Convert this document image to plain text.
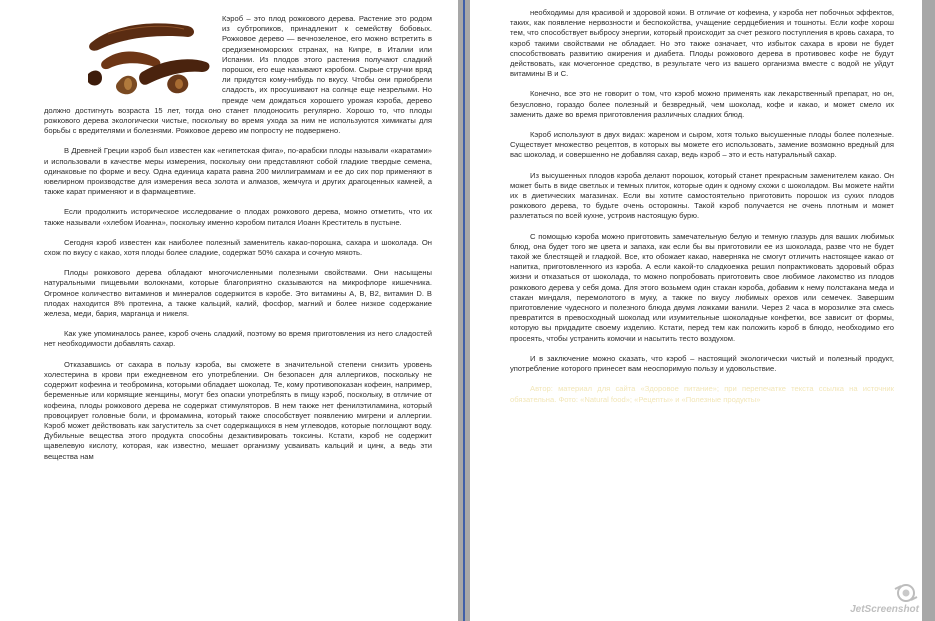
Кэроб – это плод рожкового дерева. Растение это родом из субтропиков, принадлежит к семейству бобовых. Рожковое дерево — вечнозеленое, его можно встретить в средиземноморских странах, на Кипре, в Италии или Испании. Из плодов этого растения получают сладкий порошок, его еще называют кэробом. Сырые стручки вряд ли придутся кому-нибудь по вкусу. Чтобы они приобрели сладость, их просушивают на солнце еще незрелыми. Но прежде чем дождаться хорошего урожая кэроба, дерево должно достигнуть возраста 15 лет, тогда оно станет плодоносить регулярно. Хорошо то, что плоды рожкового дерева экологически чистые, поскольку во время ухода за ним не используются химикаты для борьбы с вредителями и болезнями. Рожковое дерево им попросту не подвержено.

В Древней Греции кэроб был известен как «египетская фига», по-арабски плоды называли «каратами» и использовали в качестве меры измерения, поскольку они представляют собой гладкие твердые семена, одинаковые по форме и весу. Одна единица карата равна 200 миллиграммам и ее до сих пор применяют в ювелирном производстве для измерения веса золота и алмазов, жемчуга и других драгоценных камней, а также карат применяют и в фармацевтике.

Если продолжить историческое исследование о плодах рожкового дерева, можно отметить, что их также называли «хлебом Иоанна», поскольку именно кэробом питался Иоанн Креститель в пустыне.

Сегодня кэроб известен как наиболее полезный заменитель какао-порошка, сахара и шоколада. Он схож по вкусу с какао, хотя плоды более сладкие, содержат 50% сахара и сочную мякоть.

Плоды рожкового дерева обладают многочисленными полезными свойствами. Они насыщены натуральными пищевыми волокнами, которые благоприятно сказываются на микрофлоре кишечника. Огромное количество витаминов и минералов содержится в кэробе. Это витамины A, B, B2, витамин D. В плодах находится 8% протеина, а также кальций, калий, фосфор, магний и более низкое содержание железа, меди, бария, марганца и никеля.

Как уже упоминалось ранее, кэроб очень сладкий, поэтому во время приготовления из него сладостей нет необходимости добавлять сахар.

Отказавшись от сахара в пользу кэроба, вы сможете в значительной степени снизить уровень холестерина в крови при ежедневном его употреблении. Он безопасен для аллергиков, поскольку не содержит кофеина и теобромина, которыми обладает шоколад. Те, кому противопоказан кофеин, например, беременные или кормящие женщины, могут без опаски употреблять в пищу кэроб, поскольку, в отличие от кофеина, плоды рожкового дерева не содержат стимуляторов. В нем также нет фенилэтиламина, который провоцирует головные боли, и фромамина, который также способствует появлению мигрени и аллергии. Кэроб может действовать как загуститель за счет содержащихся в нем углеводов, которые поглощают воду. Дубильные вещества этого продукта способны дезактивировать токсины. Кстати, кэроб не содержит щавелевую кислоту, которая, как известно, мешает организму усваивать кальций и цинк, а ведь эти вещества нам

необходимы для красивой и здоровой кожи. В отличие от кофеина, у кэроба нет побочных эффектов, таких, как появление нервозности и беспокойства, учащение сердцебиения и тошноты. Если кофе хорош тем, что способствует выбросу энергии, который происходит за счет резкого поступления в кровь сахара, то кэроб такими свойствами не обладает. Но это также означает, что избыток сахара в крови не будет способствовать развитию ожирения и диабета. Плоды рожкового дерева в противовес кофе не будут действовать, как мочегонное средство, в результате чего из вашего организма вместе с водой не уйдут витамины В и С.

Конечно, все это не говорит о том, что кэроб можно применять как лекарственный препарат, но он, безусловно, гораздо более полезный и безвредный, чем шоколад, кофе и какао, и может смело их заменить даже во время приготовления различных сладких блюд.

Кэроб используют в двух видах: жареном и сыром, хотя только высушенные плоды более полезные. Существует множество рецептов, в которых вы можете его использовать, замение возможно вредный для вас шоколад, и совершенно не добавляя сахар, ведь кэроб – это и есть натуральный сахар.

Из высушенных плодов кэроба делают порошок, который станет прекрасным заменителем какао. Он может быть в виде светлых и темных плиток, которые один к одному схожи с шоколадом. Вы можете найти их в диетических магазинах. Если вы хотите самостоятельно приготовить порошок из сухих плодов рожкового дерева, то будьте очень осторожны. Такой кэроб получается не очень плотным и может разлетаться по всей кухне, устроив настоящую бурю.

С помощью кэроба можно приготовить замечательную белую и темную глазурь для ваших любимых блюд, она будет того же цвета и запаха, как если бы вы приготовили ее из шоколада, разве что не будет такой же блестящей и гладкой. Все, кто обожает какао, наверняка не смогут отличить настоящее какао от напитка, приготовленного из кэроба. А если какой-то сладкоежка решил попрактиковать здоровый образ жизни и отказаться от шоколада, то можно попробовать приготовить свое любимое лакомство из плодов рожкового дерева у себя дома. Для этого возьмем один стакан кэроба, добавим к нему полстакана меда и стакан миндаля, перемолотого в муку, а также по вкусу любимых орехов или семечек. Завершим приготовление чудесного и полезного блюда двумя ложками ванили. Через 2 часа в морозилке эта смесь превратится в превосходный шоколад или изумительные шоколадные конфетки, все зависит от формы, которую вы придадите своему изделию. Кстати, перед тем как положить кэроб в блюдо, необходимо его просеять, чтобы устранить комочки и насытить тесто воздухом.

И в заключение можно сказать, что кэроб – настоящий экологически чистый и полезный продукт, употребление которого принесет вам неоспоримую пользу и удовольствие.

Автор: материал для сайта «Здоровое питание»; при перепечатке текста ссылка на источник обязательна. Фото: «Natural food»; «Рецепты» и «Полезные продукты»

JetScreenshot
